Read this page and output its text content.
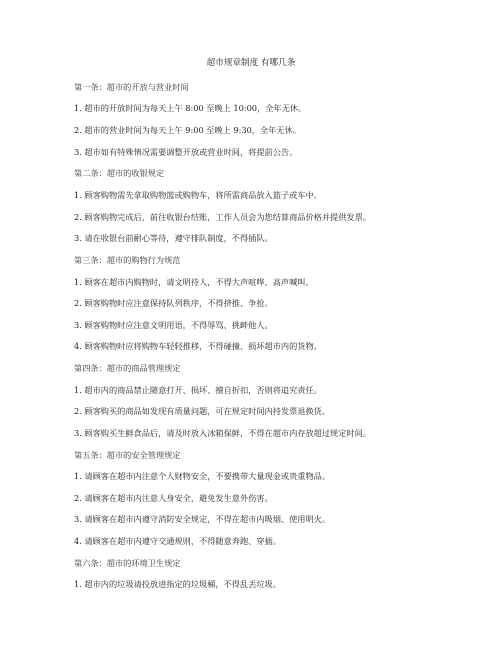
超市规章制度 有哪几条
第一条：超市的开放与营业时间
1. 超市的开放时间为每天上午 8:00 至晚上 10:00，全年无休。
2. 超市的营业时间为每天上午 9:00 至晚上 9:30，全年无休。
3. 超市如有特殊情况需要调整开放或营业时间，将提前公告。
第二条：超市的收银规定
1. 顾客购物需先拿取购物篮或购物车，将所需商品放入篮子或车中。
2. 顾客购物完成后，前往收银台结账，工作人员会为您结算商品价格并提供发票。
3. 请在收银台前耐心等待，遵守排队制度，不得插队。
第三条：超市的购物行为规范
1. 顾客在超市内购物时，请文明待人，不得大声喧哗、高声喊叫。
2. 顾客购物时应注意保持队列秩序，不得挤推、争抢。
3. 顾客购物时应注意文明用语，不得辱骂、挑衅他人。
4. 顾客购物时应将购物车轻轻推移，不得碰撞、损坏超市内的货物。
第四条：超市的商品管理规定
1. 超市内的商品禁止随意打开、损坏、擅自折扣，否则将追究责任。
2. 顾客购买的商品如发现有质量问题，可在规定时间内持发票退换货。
3. 顾客购买生鲜食品后，请及时放入冰箱保鲜，不得在超市内存放超过规定时间。
第五条：超市的安全管理规定
1. 请顾客在超市内注意个人财物安全，不要携带大量现金或贵重物品。
2. 请顾客在超市内注意人身安全，避免发生意外伤害。
3. 请顾客在超市内遵守消防安全规定，不得在超市内吸烟、使用明火。
4. 请顾客在超市内遵守交通规则，不得随意奔跑、穿插。
第六条：超市的环境卫生规定
1. 超市内的垃圾请投放进指定的垃圾桶，不得乱丢垃圾。
